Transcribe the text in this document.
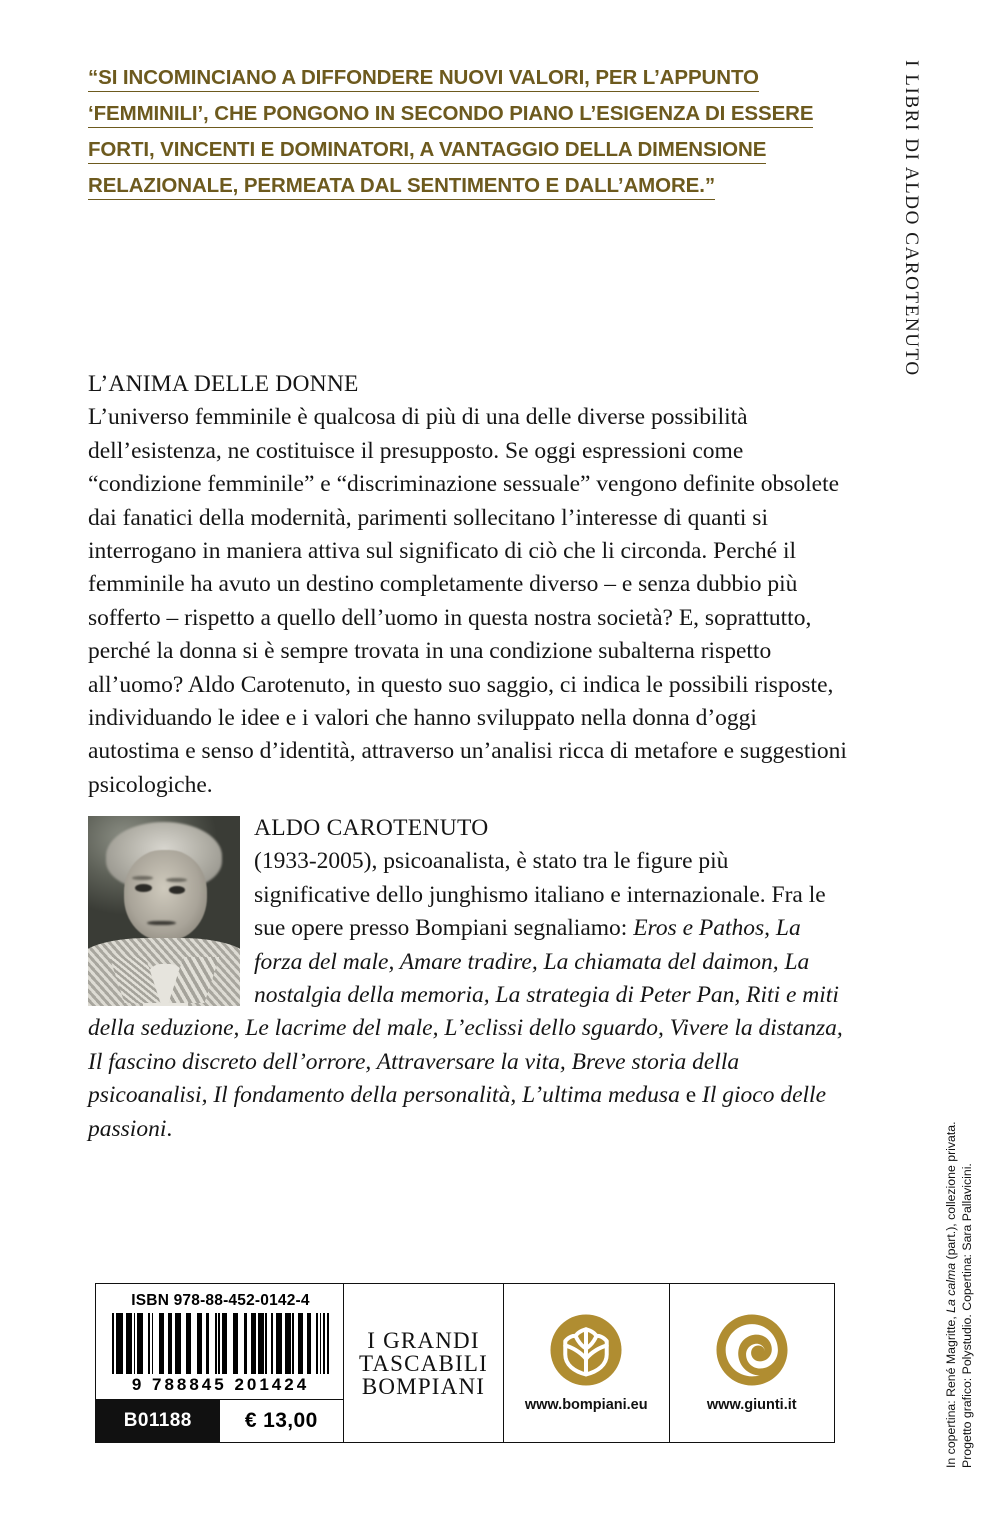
“SI INCOMINCIANO A DIFFONDERE NUOVI VALORI, PER L’APPUNTO
‘FEMMINILI’, CHE PONGONO IN SECONDO PIANO L’ESIGENZA DI ESSERE
FORTI, VINCENTI E DOMINATORI, A VANTAGGIO DELLA DIMENSIONE
RELAZIONALE, PERMEATA DAL SENTIMENTO E DALL’AMORE.”	I LIBRI DI ALDO CAROTENUTO
L’ANIMA DELLE DONNE
L’universo femminile è qualcosa di più di una delle diverse possibilità dell’esistenza, ne costituisce il presupposto. Se oggi espressioni come “condizione femminile” e “discriminazione sessuale” vengono definite obsolete dai fanatici della modernità, parimenti sollecitano l’interesse di quanti si interrogano in maniera attiva sul significato di ciò che li circonda. Perché il femminile ha avuto un destino completamente diverso – e senza dubbio più sofferto – rispetto a quello dell’uomo in questa nostra società? E, soprattutto, perché la donna si è sempre trovata in una condizione subalterna rispetto all’uomo? Aldo Carotenuto, in questo suo saggio, ci indica le possibili risposte, individuando le idee e i valori che hanno sviluppato nella donna d’oggi autostima e senso d’identità, attraverso un’analisi ricca di metafore e suggestioni psicologiche.
ALDO CAROTENUTO
(1933-2005), psicoanalista, è stato tra le figure più significative dello junghismo italiano e internazionale. Fra le sue opere presso Bompiani segnaliamo: Eros e Pathos, La forza del male, Amare tradire, La chiamata del daimon, La nostalgia della memoria, La strategia di Peter Pan, Riti e miti della seduzione, Le lacrime del male, L’eclissi dello sguardo, Vivere la distanza, Il fascino discreto dell’orrore, Attraversare la vita, Breve storia della psicoanalisi, Il fondamento della personalità, L’ultima medusa e Il gioco delle passioni.
ISBN 978-88-452-0142-4
9 788845 201424
B01188	€ 13,00
I GRANDI
TASCABILI
BOMPIANI
www.bompiani.eu	www.giunti.it	In copertina: René Magritte, La calma (part.), collezione privata. Progetto grafico: Polystudio. Copertina: Sara Pallavicini.
